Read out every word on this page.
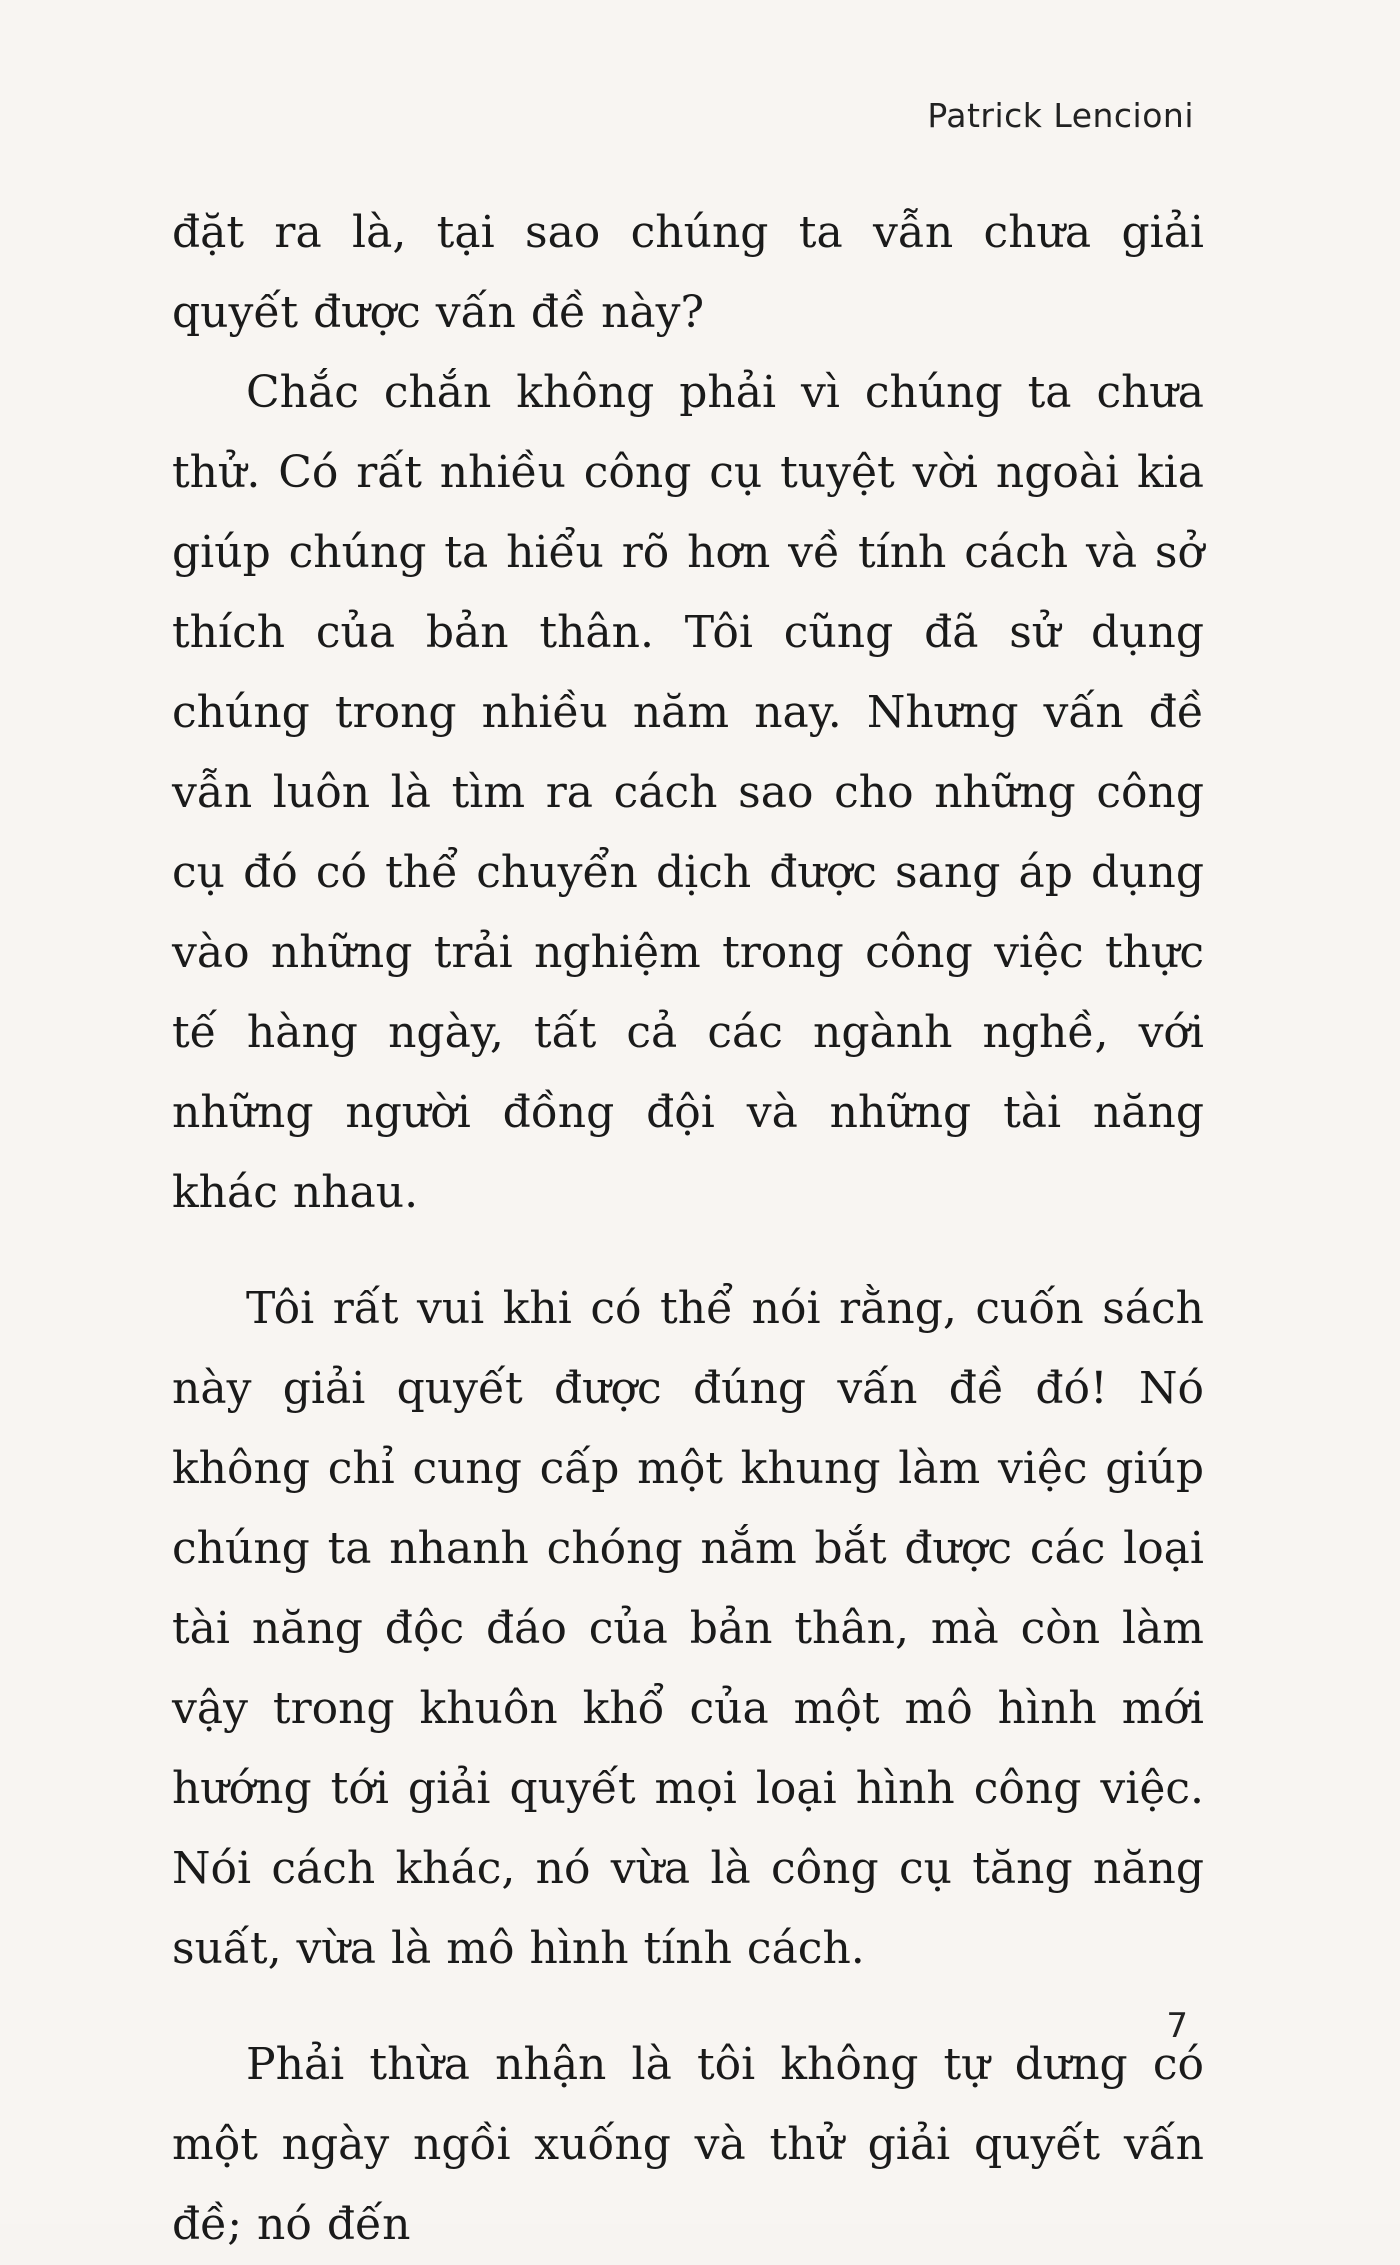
Patrick Lencioni

đặt ra là, tại sao chúng ta vẫn chưa giải quyết được vấn đề này?

Chắc chắn không phải vì chúng ta chưa thử. Có rất nhiều công cụ tuyệt vời ngoài kia giúp chúng ta hiểu rõ hơn về tính cách và sở thích của bản thân. Tôi cũng đã sử dụng chúng trong nhiều năm nay. Nhưng vấn đề vẫn luôn là tìm ra cách sao cho những công cụ đó có thể chuyển dịch được sang áp dụng vào những trải nghiệm trong công việc thực tế hàng ngày, tất cả các ngành nghề, với những người đồng đội và những tài năng khác nhau.

Tôi rất vui khi có thể nói rằng, cuốn sách này giải quyết được đúng vấn đề đó! Nó không chỉ cung cấp một khung làm việc giúp chúng ta nhanh chóng nắm bắt được các loại tài năng độc đáo của bản thân, mà còn làm vậy trong khuôn khổ của một mô hình mới hướng tới giải quyết mọi loại hình công việc. Nói cách khác, nó vừa là công cụ tăng năng suất, vừa là mô hình tính cách.

Phải thừa nhận là tôi không tự dưng có một ngày ngồi xuống và thử giải quyết vấn đề; nó đến

7
